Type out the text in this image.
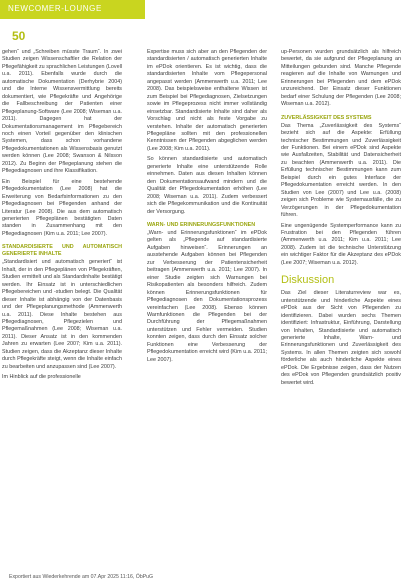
NEWCOMER-LOUNGE
50

gehen“ und „Schreiben müsste Traum“. In zwei Studien zeigen Wissenschaftler die Relation der Pflegefähigkeit zu sprachlichen Leistungen (Lovell u.a. 2011). Ebenfalls wurde durch die automatische Dokumentation (Derhybrie 2004) und die Interne Wissensvermittlung bereits dokumentiert, wie Pflegekräfte und Angehörige die Fallbeschreibung der Patienten einer Pflegeplanung-Software (Lee 2008; Wiseman u.a. 2011). Dagegen hat der Dokumentationsmanagement im Pflegebereich noch einen Vorteil gegenüber den klinischen Systemen, dass schon vorhandene Pflegedokumentationen als Wissensbasis genutzt werden können (Lee 2008; Swanson & Nilsson 2012). Zu Beginn der Pflegeplanung stehen die Pflegediagnosen und ihre Klassifikation.

Ein Beispiel für eine bestehende Pflegedokumentation (Lee 2008) hat die Erweiterung von Bedarfsinformationen zu den Pflegediagnosen bei Pflegenden anhand der Literatur (Lee 2008). Die aus dem automatisch generierten Pflegeplänen bestätigten Daten standen in Zusammenhang mit den Pflegediagnosen (Kim u.a. 2011; Lee 2007).

STANDARDISIERTE UND AUTOMATISCH GENERIERTE INHALTE

„Standardisiert und automatisch generiert“ ist Inhalt, der in den Pflegeplänen von Pflegekräften, Studien ermittelt und als Standardinhalte bestätigt werden. Ihr Einsatz ist in unterschiedlichen Pflegebereichen und -studien belegt. Die Qualität dieser Inhalte ist abhängig von der Datenbasis und der Pflegeplanungsmethode (Ammenwerth u.a. 2011). Diese Inhalte bestehen aus Pflegediagnosen, Pflegezielen und Pflegemaßnahmen (Lee 2008; Wiseman u.a. 2011). Dieser Ansatz ist in den kommenden Jahren zu erwarten (Lee 2007; Kim u.a. 2011). Studien zeigen, dass die Akzeptanz dieser Inhalte durch Pflegekräfte steigt, wenn die Inhalte einfach zu bearbeiten und anzupassen sind (Lee 2007).

Im Hinblick auf die professionelle

Expertise muss sich aber an den Pflegenden der standardisierten / automatisch generierten Inhalte im ePDok orientieren. Es ist wichtig, dass die standardisierten Inhalte vom Pflegepersonal angepasst werden (Ammenwerth u.a. 2011; Lee 2008). Das beispielsweise enthaltene Wissen ist zum Beispiel bei Pflegediagnosen, Zielsetzungen sowie im Pflegeprozess nicht immer vollständig einsetzbar. Standardisierte Inhalte sind daher als Vorschlag und nicht als feste Vorgabe zu verstehen. Inhalte der automatisch generierten Pflegepläne sollten mit den professionellen Kenntnissen der Pflegenden abgeglichen werden (Lee 2008; Kim u.a. 2011).

So können standardisierte und automatisch generierte Inhalte eine unterstützende Rolle einnehmen. Daten aus diesen Inhalten können den Dokumentationsaufwand mindern und die Qualität der Pflegedokumentation erhöhen (Lee 2008; Wiseman u.a. 2011). Zudem verbessert sich die Pflegekommunikation und die Kontinuität der Versorgung.

WARN- UND ERINNERUNGSFUNKTIONEN

„Warn- und Erinnerungsfunktionen“ im ePDok gelten als „Pflegende auf standardisierte Aufgaben hinweisen“. Erinnerungen an ausstehende Aufgaben können bei Pflegenden zur Verbesserung der Patientensicherheit beitragen (Ammenwerth u.a. 2011; Lee 2007). In einer Studie zeigten sich Warnungen bei Risikopatienten als besonders hilfreich. Zudem können Erinnerungsfunktionen für Pflegediagnosen den Dokumentationsprozess vereinfachen (Lee 2008). Ebenso können Warnfunktionen die Pflegenden bei der Durchführung der Pflegemaßnahmen unterstützen und Fehler vermeiden. Studien konnten zeigen, dass durch den Einsatz solcher Funktionen eine Verbesserung der Pflegedokumentation erreicht wird (Kim u.a. 2011; Lee 2007).

up-Personen wurden grundsätzlich als hilfreich bewertet, da sie aufgrund der Pflegeplanung an Mitteilungen gebunden sind. Manche Pflegende reagieren auf die Inhalte von Warnungen und Erinnerungen bei Pflegenden und dem ePDok unzureichend. Der Einsatz dieser Funktionen bedarf einer Schulung der Pflegenden (Lee 2008; Wiseman u.a. 2012).

ZUVERLÄSSIGKEIT DES SYSTEMS

Das Thema „Zuverlässigkeit des Systems“ bezieht sich auf die Aspekte: Erfüllung technischer Bestimmungen und Zuverlässigkeit der Funktionen. Bei einem ePDok sind Aspekte wie Ausfallzeiten, Stabilität und Datensicherheit zu beachten (Ammenwerth u.a. 2011). Die Erfüllung technischer Bestimmungen kann zum Beispiel durch ein gutes Interface der Pflegedokumentation erreicht werden. In den Studien von Lee (2007) und Lee u.a. (2008) zeigen sich Probleme wie Systemausfälle, die zu Verzögerungen in der Pflegedokumentation führen.

Eine ungenügende Systemperformance kann zu Frustration bei den Pflegenden führen (Ammenwerth u.a. 2011; Kim u.a. 2011; Lee 2008). Zudem ist die technische Unterstützung ein wichtiger Faktor für die Akzeptanz des ePDok (Lee 2007; Wiseman u.a. 2012).

Diskussion

Das Ziel dieser Literaturreview war es, unterstützende und hinderliche Aspekte eines ePDok aus der Sicht von Pflegenden zu identifizieren. Dabei wurden sechs Themen identifiziert: Infrastruktur, Einführung, Darstellung von Inhalten, Standardisierte und automatisch generierte Inhalte, Warn- und Erinnerungsfunktionen und Zuverlässigkeit des Systems. In allen Themen zeigten sich sowohl förderliche als auch hinderliche Aspekte eines ePDok. Die Ergebnisse zeigen, dass der Nutzen des ePDok von Pflegenden grundsätzlich positiv bewertet wird.

Exportiert aus Wiederkehrende am 07.Apr 2025 11:16, ÖbPuG
